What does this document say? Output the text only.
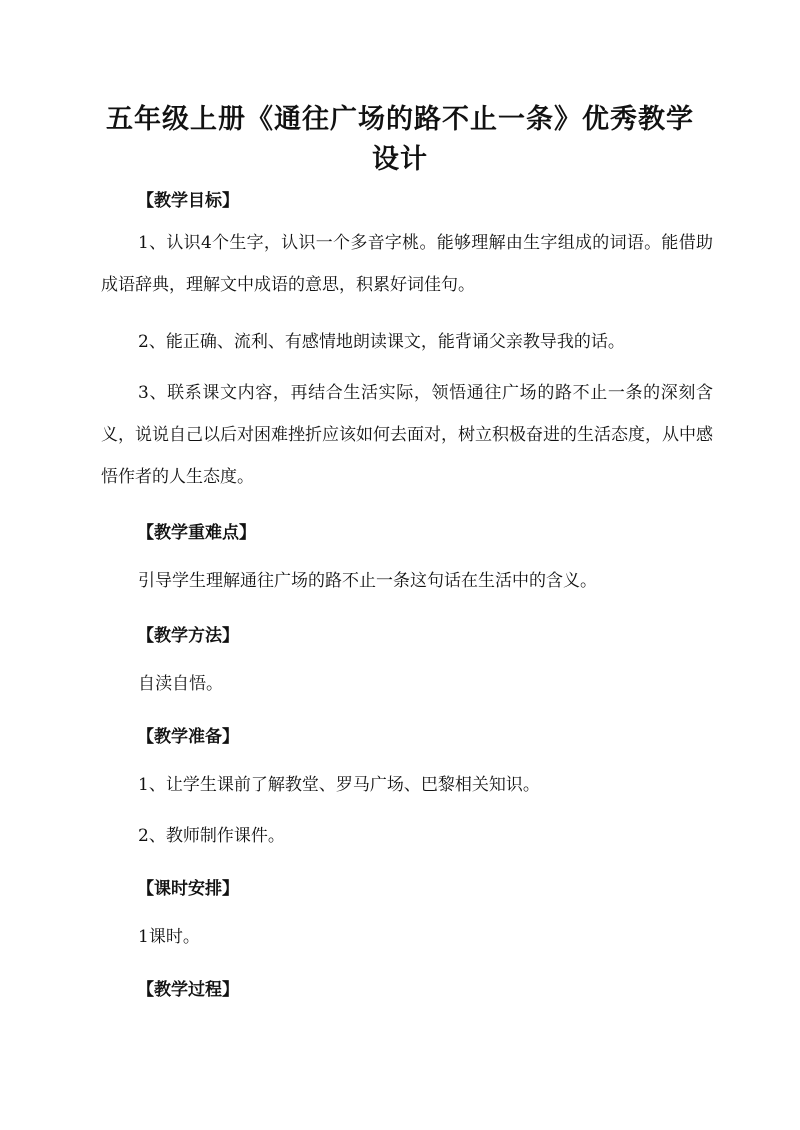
五年级上册《通往广场的路不止一条》优秀教学设计
【教学目标】
1、认识4个生字，认识一个多音字桃。能够理解由生字组成的词语。能借助成语辞典，理解文中成语的意思，积累好词佳句。
2、能正确、流利、有感情地朗读课文，能背诵父亲教导我的话。
3、联系课文内容，再结合生活实际，领悟通往广场的路不止一条的深刻含义，说说自己以后对困难挫折应该如何去面对，树立积极奋进的生活态度，从中感悟作者的人生态度。
【教学重难点】
引导学生理解通往广场的路不止一条这句话在生活中的含义。
【教学方法】
自渎自悟。
【教学准备】
1、让学生课前了解教堂、罗马广场、巴黎相关知识。
2、教师制作课件。
【课时安排】
1课时。
【教学过程】
